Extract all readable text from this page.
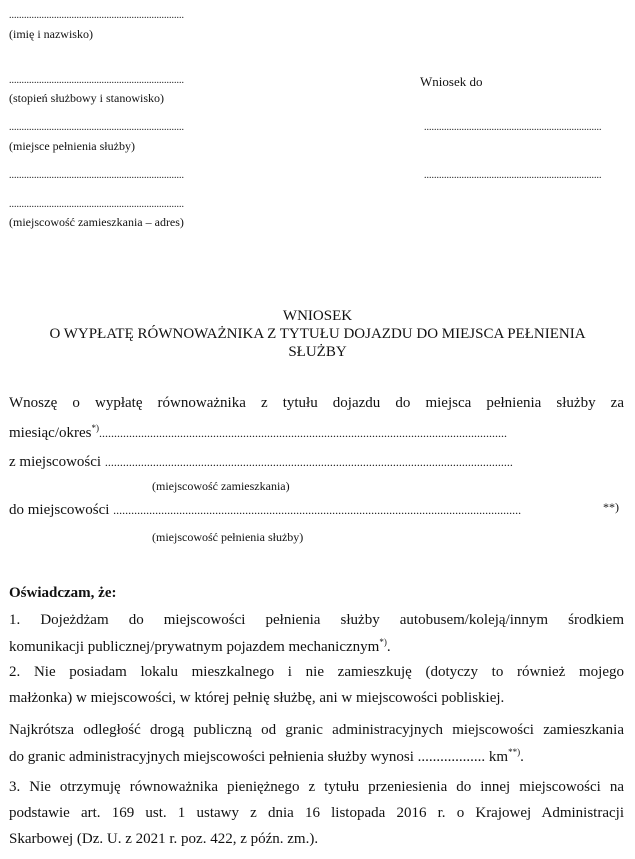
......................................................................
(imię i nazwisko)
......................................................................
(stopień służbowy i stanowisko)
......................................................................
(miejsce pełnienia służby)
......................................................................
......................................................................
(miejscowość zamieszkania – adres)
Wniosek do
.......................................................................
.......................................................................
WNIOSEK
O WYPŁATĘ RÓWNOWAŻNIKA Z TYTUŁU DOJAZDU DO MIEJSCA PEŁNIENIA
SŁUŻBY
Wnoszę o wypłatę równoważnika z tytułu dojazdu do miejsca pełnienia służby za
miesiąc/okres*)........................................................................................................................................
z miejscowości ........................................................................................................................................
(miejscowość zamieszkania)
do miejscowości ........................................................................................................................................	**)
(miejscowość pełnienia służby)
Oświadczam, że:
1. Dojeżdżam do miejscowości pełnienia służby autobusem/koleją/innym środkiem
komunikacji publicznej/prywatnym pojazdem mechanicznym*).
2. Nie posiadam lokalu mieszkalnego i nie zamieszkuję (dotyczy to również mojego
małżonka) w miejscowości, w której pełnię służbę, ani w miejscowości pobliskiej.
Najkrótsza odległość drogą publiczną od granic administracyjnych miejscowości zamieszkania
do granic administracyjnych miejscowości pełnienia służby wynosi .................. km**).
3. Nie otrzymuję równoważnika pieniężnego z tytułu przeniesienia do innej miejscowości na
podstawie art. 169 ust. 1 ustawy z dnia 16 listopada 2016 r. o Krajowej Administracji
Skarbowej (Dz. U. z 2021 r. poz. 422, z późn. zm.).
